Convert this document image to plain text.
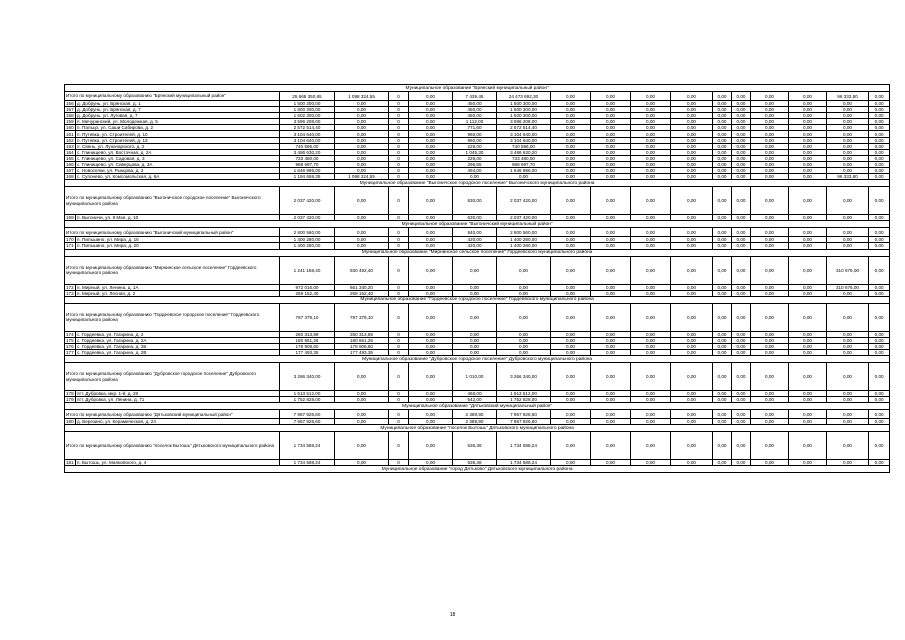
Муниципальное образование "Брянский муниципальный район"																	
Итого по муниципальному образованию "Брянский муниципальный район"		25 668 350,65	1 098 324,55	0	0,00	7 439,45	24 473 692,30	0,00	0,00	0,00	0,00	0,00	0,00	0,00	0,00	96 333,80	0,00
156	д. Добрунь, ул. Брянская, д. 1	1 500 300,00	0,00	0	0,00	450,00	1 500 300,00	0,00	0,00	0,00	0,00	0,00	0,00	0,00	0,00	0,00	0,00
157	д. Добрунь, ул. Брянская, д. 7	1 800 300,00	0,00	0	0,00	450,00	1 500 300,00	0,00	0,00	0,00	0,00	0,00	0,00	0,00	0,00	0,00	0,00
158	д. Добрунь, ул. Луговая, д. 7	1 502 300,00	0,00	0	0,00	450,00	1 500 300,00	0,00	0,00	0,00	0,00	0,00	0,00	0,00	0,00	0,00	0,00
159	п. Мичуринский, ул. Молодежная, д. 5	3 596 208,00	0,00	0	0,00	1 112,00	3 596 208,00	0,00	0,00	0,00	0,00	0,00	0,00	0,00	0,00	0,00	0,00
160	п. Пальцо, ул. Саши Сабирова, д. 2	2 572 514,40	0,00	0	0,00	771,60	2 572 514,40	0,00	0,00	0,00	0,00	0,00	0,00	0,00	0,00	0,00	0,00
161	п. Путевка, ул. Строителей, д. 10	3 104 640,00	0,00	0	0,00	960,00	3 104 640,00	0,00	0,00	0,00	0,00	0,00	0,00	0,00	0,00	0,00	0,00
162	п. Путевка, ул. Строителей, д. 13	3 104 640,00	0,00	0	0,00	960,00	3 104 640,00	0,00	0,00	0,00	0,00	0,00	0,00	0,00	0,00	0,00	0,00
163	п. Свень, ул. Луначарского, д. 2	740 596,00	0,00	0	0,00	229,00	740 596,00	0,00	0,00	0,00	0,00	0,00	0,00	0,00	0,00	0,00	0,00
164	с. Глинищево, ул. Восточная, д. 2А	3 486 630,20	0,00	0	0,00	1 045,30	3 486 630,20	0,00	0,00	0,00	0,00	0,00	0,00	0,00	0,00	0,00	0,00
165	с. Глинищево, ул. Садовая, д. 3	733 480,00	0,00	0	0,00	226,00	733 480,00	0,00	0,00	0,00	0,00	0,00	0,00	0,00	0,00	0,00	0,00
166	с. Глинищево, ул. Сиверцова, д. 3А	988 697,70	0,00	0	0,00	296,55	988 697,70	0,00	0,00	0,00	0,00	0,00	0,00	0,00	0,00	0,00	0,00
167	с. Новоселки, ул. Рыкцова, д. 2	1 646 996,00	0,00	0	0,00	494,00	1 646 996,00	0,00	0,00	0,00	0,00	0,00	0,00	0,00	0,00	0,00	0,00
168	с. Супонево, ул. Комсомольская, д. 6А	1 194 658,35	1 098 324,55	0	0,00	0,00	0,00	0,00	0,00	0,00	0,00	0,00	0,00	0,00	0,00	96 333,80	0,00
Муниципальное образование "Выгоничское городское поселение" Выгоничского муниципального района																	
Итого по муниципальному образованию "Выгоничское городское поселение" Выгоничского муниципального района		2 037 420,00	0,00	0	0,00	630,00	2 037 420,00	0,00	0,00	0,00	0,00	0,00	0,00	0,00	0,00	0,00	0,00
169	п. Выгоничи, ул. 9 Мая, д. 10	2 037 420,00	0,00	0	0,00	630,00	2 037 420,00	0,00	0,00	0,00	0,00	0,00	0,00	0,00	0,00	0,00	0,00
Муниципальное образование "Выгоничский муниципальный район"																	
Итого по муниципальному образованию "Выгоничский муниципальный район"		2 800 560,00	0,00	0	0,00	840,00	2 800 560,00	0,00	0,00	0,00	0,00	0,00	0,00	0,00	0,00	0,00	0,00
170	п. Пильшино, ул. Мира, д. 16	1 400 280,00	0,00	0	0,00	420,00	1 400 280,00	0,00	0,00	0,00	0,00	0,00	0,00	0,00	0,00	0,00	0,00
171	п. Пильшино, ул. Мира, д. 20	1 400 280,00	0,00	0	0,00	420,00	1 400 280,00	0,00	0,00	0,00	0,00	0,00	0,00	0,00	0,00	0,00	0,00
Муниципальное образование "Мирнинское сельское поселение" Гордеевского муниципального района																	
Итого по муниципальному образованию "Мирнинское сельское поселение" Гордеевского муниципального района		1 241 168,40	930 492,40	0	0,00	0,00	0,00	0,00	0,00	0,00	0,00	0,00	0,00	0,00	0,00	310 676,00	0,00
172	п. Мирный, ул. Ленина, д. 1А	972 016,00	661 340,20	0	0,00	0,00	0,00	0,00	0,00	0,00	0,00	0,00	0,00	0,00	0,00	310 676,00	0,00
173	п. Мирный, ул. Лесная, д. 2	269 152,40	269 152,40	0	0,00	0,00	0,00	0,00	0,00	0,00	0,00	0,00	0,00	0,00	0,00	0,00	0,00
Муниципальное образование "Гордеевское городское поселение" Гордеевского муниципального района																	
Итого по муниципальному образованию "Гордеевское городское поселение" Гордеевского муниципального района		797 379,10	797 379,10	0	0,00	0,00	0,00	0,00	0,00	0,00	0,00	0,00	0,00	0,00	0,00	0,00	0,00
174	с. Гордеевка, ул. Гагарина, д. 2	260 313,89	260 313,89	0	0,00	0,00	0,00	0,00	0,00	0,00	0,00	0,00	0,00	0,00	0,00	0,00	0,00
175	с. Гордеевка, ул. Гагарина, д. 2А	180 661,26	180 661,26	0	0,00	0,00	0,00	0,00	0,00	0,00	0,00	0,00	0,00	0,00	0,00	0,00	0,00
176	с. Гордеевка, ул. Гагарина, д. 2Б	178 908,60	178 908,60	0	0,00	0,00	0,00	0,00	0,00	0,00	0,00	0,00	0,00	0,00	0,00	0,00	0,00
177	с. Гордеевка, ул. Гагарина, д. 2В	177 493,35	177 493,35	0	0,00	0,00	0,00	0,00	0,00	0,00	0,00	0,00	0,00	0,00	0,00	0,00	0,00
Муниципальное образование "Дубровское городское поселение" Дубровского муниципального района																	
Итого по муниципальному образованию "Дубровское городское поселение" Дубровского муниципального района		3 266 340,00	0,00	0	0,00	1 010,00	3 266 340,00	0,00	0,00	0,00	0,00	0,00	0,00	0,00	0,00	0,00	0,00
178	пгт. Дубровка, мкр. 1-й, д. 28	1 513 512,00	0,00	0	0,00	468,00	1 513 512,00	0,00	0,00	0,00	0,00	0,00	0,00	0,00	0,00	0,00	0,00
179	пгт. Дубровка, ул. Ленина, д. 71	1 752 828,00	0,00	0	0,00	542,00	1 752 828,00	0,00	0,00	0,00	0,00	0,00	0,00	0,00	0,00	0,00	0,00
Муниципальное образование "Дятьковский муниципальный район"																	
Итого по муниципальному образованию "Дятьковский муниципальный район"		7 967 926,60	0,00	0	0,00	2 389,90	7 967 926,60	0,00	0,00	0,00	0,00	0,00	0,00	0,00	0,00	0,00	0,00
180	д. Березино, ул. Керамическая, д. 24	7 967 926,60	0,00	0	0,00	2 389,90	7 967 926,60	0,00	0,00	0,00	0,00	0,00	0,00	0,00	0,00	0,00	0,00
Муниципальное образование "поселок Бытошь" Дятьковского муниципального района																	
Итого по муниципальному образованию "поселок Бытошь" Дятьковского муниципального района		1 734 588,24	0,00	0	0,00	536,36	1 734 588,24	0,00	0,00	0,00	0,00	0,00	0,00	0,00	0,00	0,00	0,00
181	п. Бытошь, ул. Маяковского, д. 4	1 734 588,24	0,00	0	0,00	536,36	1 734 588,24	0,00	0,00	0,00	0,00	0,00	0,00	0,00	0,00	0,00	0,00
Муниципальное образование "город Дятьково" Дятьковского муниципального района																	
18
